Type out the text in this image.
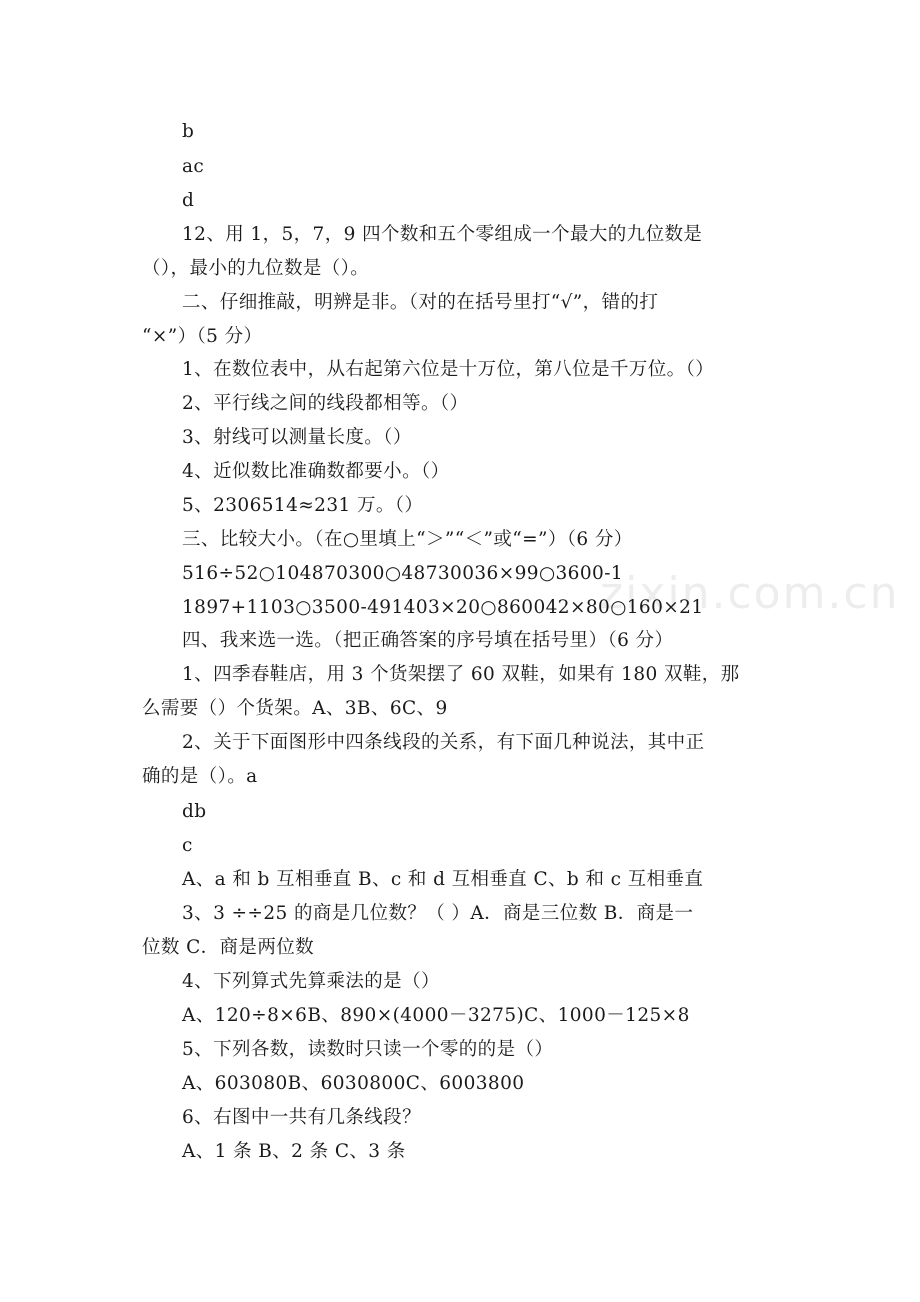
zixin.com.cn
b
ac
d
12、用 1，5，7，9 四个数和五个零组成一个最大的九位数是
（），最小的九位数是（）。
二、仔细推敲，明辨是非。（对的在括号里打“√”，错的打
“×”）（5 分）
1、在数位表中，从右起第六位是十万位，第八位是千万位。（）
2、平行线之间的线段都相等。（）
3、射线可以测量长度。（）
4、近似数比准确数都要小。（）
5、2306514≈231 万。（）
三、比较大小。（在○里填上“＞”“＜”或“=”）（6 分）
516÷52○104870300○48730036×99○3600-1
1897+1103○3500-491403×20○860042×80○160×21
四、我来选一选。（把正确答案的序号填在括号里）（6 分）
1、四季春鞋店，用 3 个货架摆了 60 双鞋，如果有 180 双鞋，那
么需要（）个货架。A、3B、6C、9
2、关于下面图形中四条线段的关系，有下面几种说法，其中正
确的是（）。a
db
c
A、a 和 b 互相垂直 B、c 和 d 互相垂直 C、b 和 c 互相垂直
3、3 ÷÷25 的商是几位数？（ ）A．商是三位数 B．商是一
位数 C．商是两位数
4、下列算式先算乘法的是（）
A、120÷8×6B、890×(4000－3275)C、1000－125×8
5、下列各数，读数时只读一个零的的是（）
A、603080B、6030800C、6003800
6、右图中一共有几条线段？
A、1 条 B、2 条 C、3 条
